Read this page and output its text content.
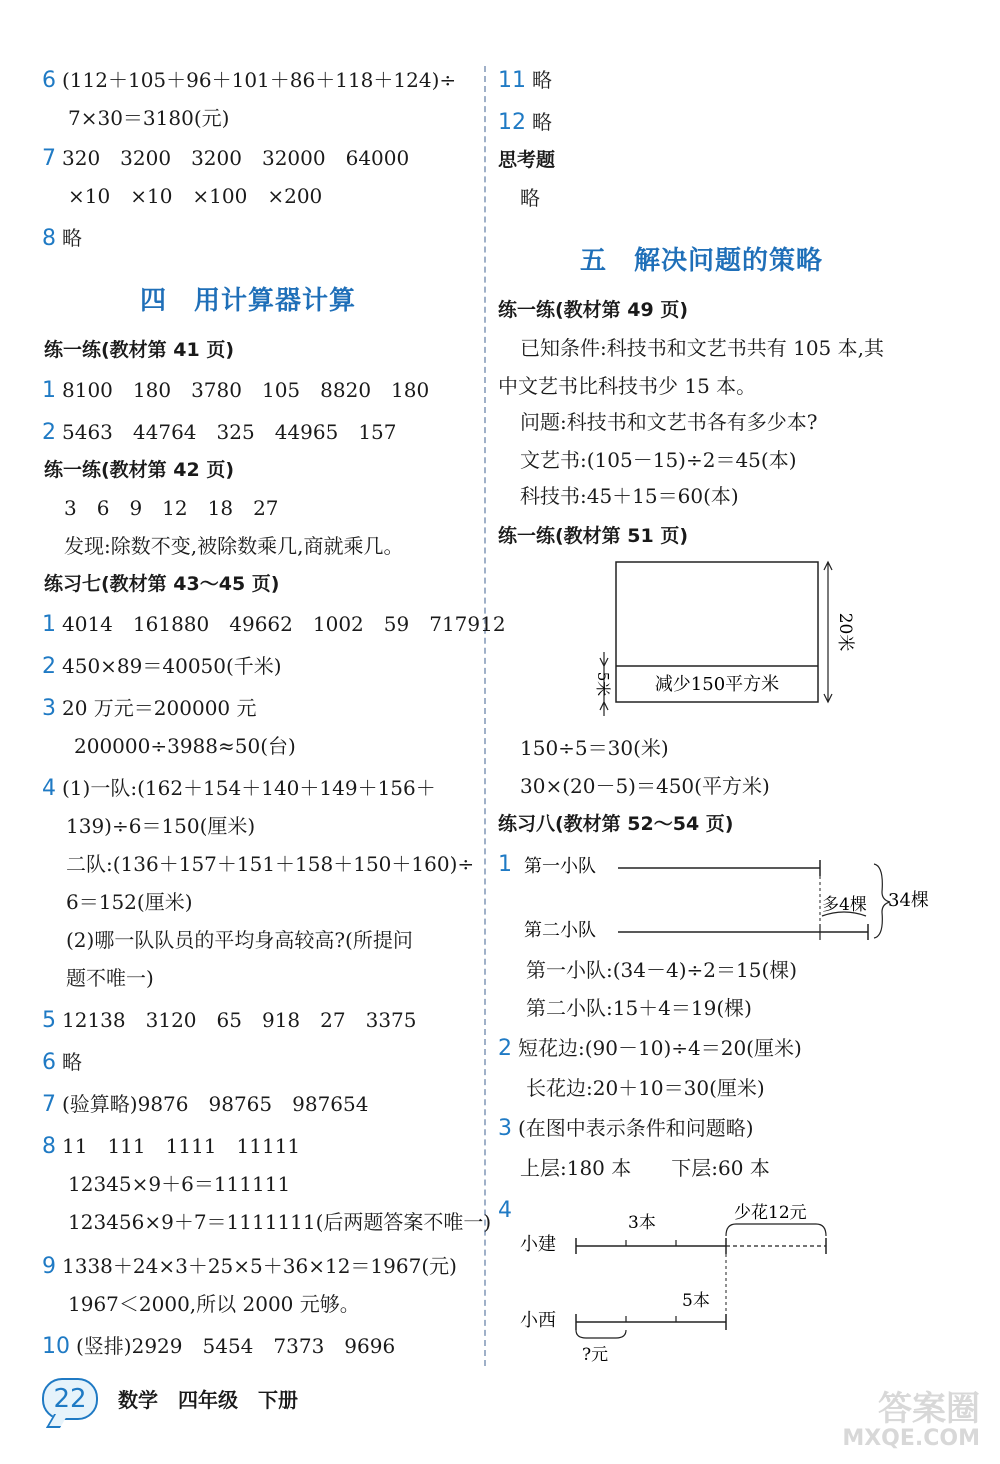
6 (112＋105＋96＋101＋86＋118＋124)÷
7×30＝3180(元)
7 320　3200　3200　32000　64000
×10　×10　×100　×200
8 略
四　用计算器计算
练一练(教材第 41 页)
1 8100　180　3780　105　8820　180
2 5463　44764　325　44965　157
练一练(教材第 42 页)
3　6　9　12　18　27
发现:除数不变,被除数乘几,商就乘几。
练习七(教材第 43～45 页)
1 4014　161880　49662　1002　59　717912
2 450×89＝40050(千米)
3 20 万元＝200000 元
200000÷3988≈50(台)
4 (1)一队:(162＋154＋140＋149＋156＋
139)÷6＝150(厘米)
二队:(136＋157＋151＋158＋150＋160)÷
6＝152(厘米)
(2)哪一队队员的平均身高较高?(所提问
题不唯一)
5 12138　3120　65　918　27　3375
6 略
7 (验算略)9876　98765　987654
8 11　111　1111　11111
12345×9＋6＝111111
123456×9＋7＝1111111(后两题答案不唯一)
9 1338＋24×3＋25×5＋36×12＝1967(元)
1967＜2000,所以 2000 元够。
10 (竖排)2929　5454　7373　9696
11 略
12 略
思考题
略
五　解决问题的策略
练一练(教材第 49 页)
已知条件:科技书和文艺书共有 105 本,其
中文艺书比科技书少 15 本。
问题:科技书和文艺书各有多少本?
文艺书:(105－15)÷2＝45(本)
科技书:45＋15＝60(本)
练一练(教材第 51 页)
减少150平方米
20米
5米
150÷5＝30(米)
30×(20－5)＝450(平方米)
练习八(教材第 52～54 页)
1 第一小队
第二小队
多4棵 34棵
第一小队:(34－4)÷2＝15(棵)
第二小队:15＋4＝19(棵)
2 短花边:(90－10)÷4＝20(厘米)
长花边:20＋10＝30(厘米)
3 (在图中表示条件和问题略)
上层:180 本　　下层:60 本
4
小建
3本	少花12元
小西
5本
?元
22	数学　四年级　下册	答案圈
MXQE.COM
